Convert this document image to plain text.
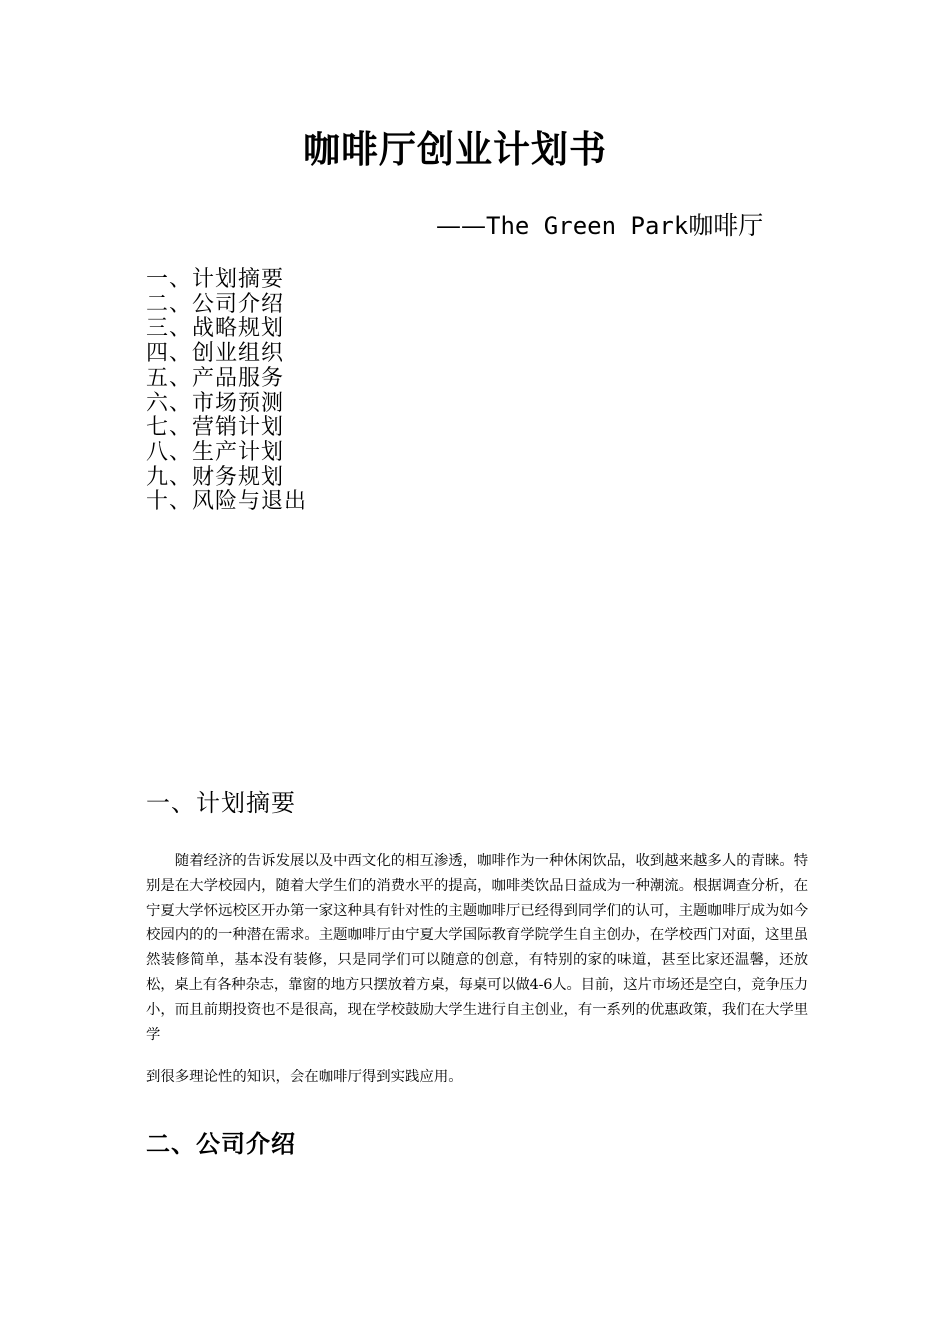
咖啡厅创业计划书
——The Green Park咖啡厅
一、计划摘要
二、公司介绍
三、战略规划
四、创业组织
五、产品服务
六、市场预测
七、营销计划
八、生产计划
九、财务规划
十、风险与退出
一、计划摘要

随着经济的告诉发展以及中西文化的相互渗透，咖啡作为一种休闲饮品，收到越来越多人的青睐。特别是在大学校园内，随着大学生们的消费水平的提高，咖啡类饮品日益成为一种潮流。根据调查分析，在宁夏大学怀远校区开办第一家这种具有针对性的主题咖啡厅已经得到同学们的认可，主题咖啡厅成为如今校园内的的一种潜在需求。主题咖啡厅由宁夏大学国际教育学院学生自主创办，在学校西门对面，这里虽然装修简单，基本没有装修，只是同学们可以随意的创意，有特别的家的味道，甚至比家还温馨，还放松，桌上有各种杂志，靠窗的地方只摆放着方桌，每桌可以做4-6人。目前，这片市场还是空白，竞争压力小，而且前期投资也不是很高，现在学校鼓励大学生进行自主创业，有一系列的优惠政策，我们在大学里学

到很多理论性的知识，会在咖啡厅得到实践应用。

二、公司介绍
